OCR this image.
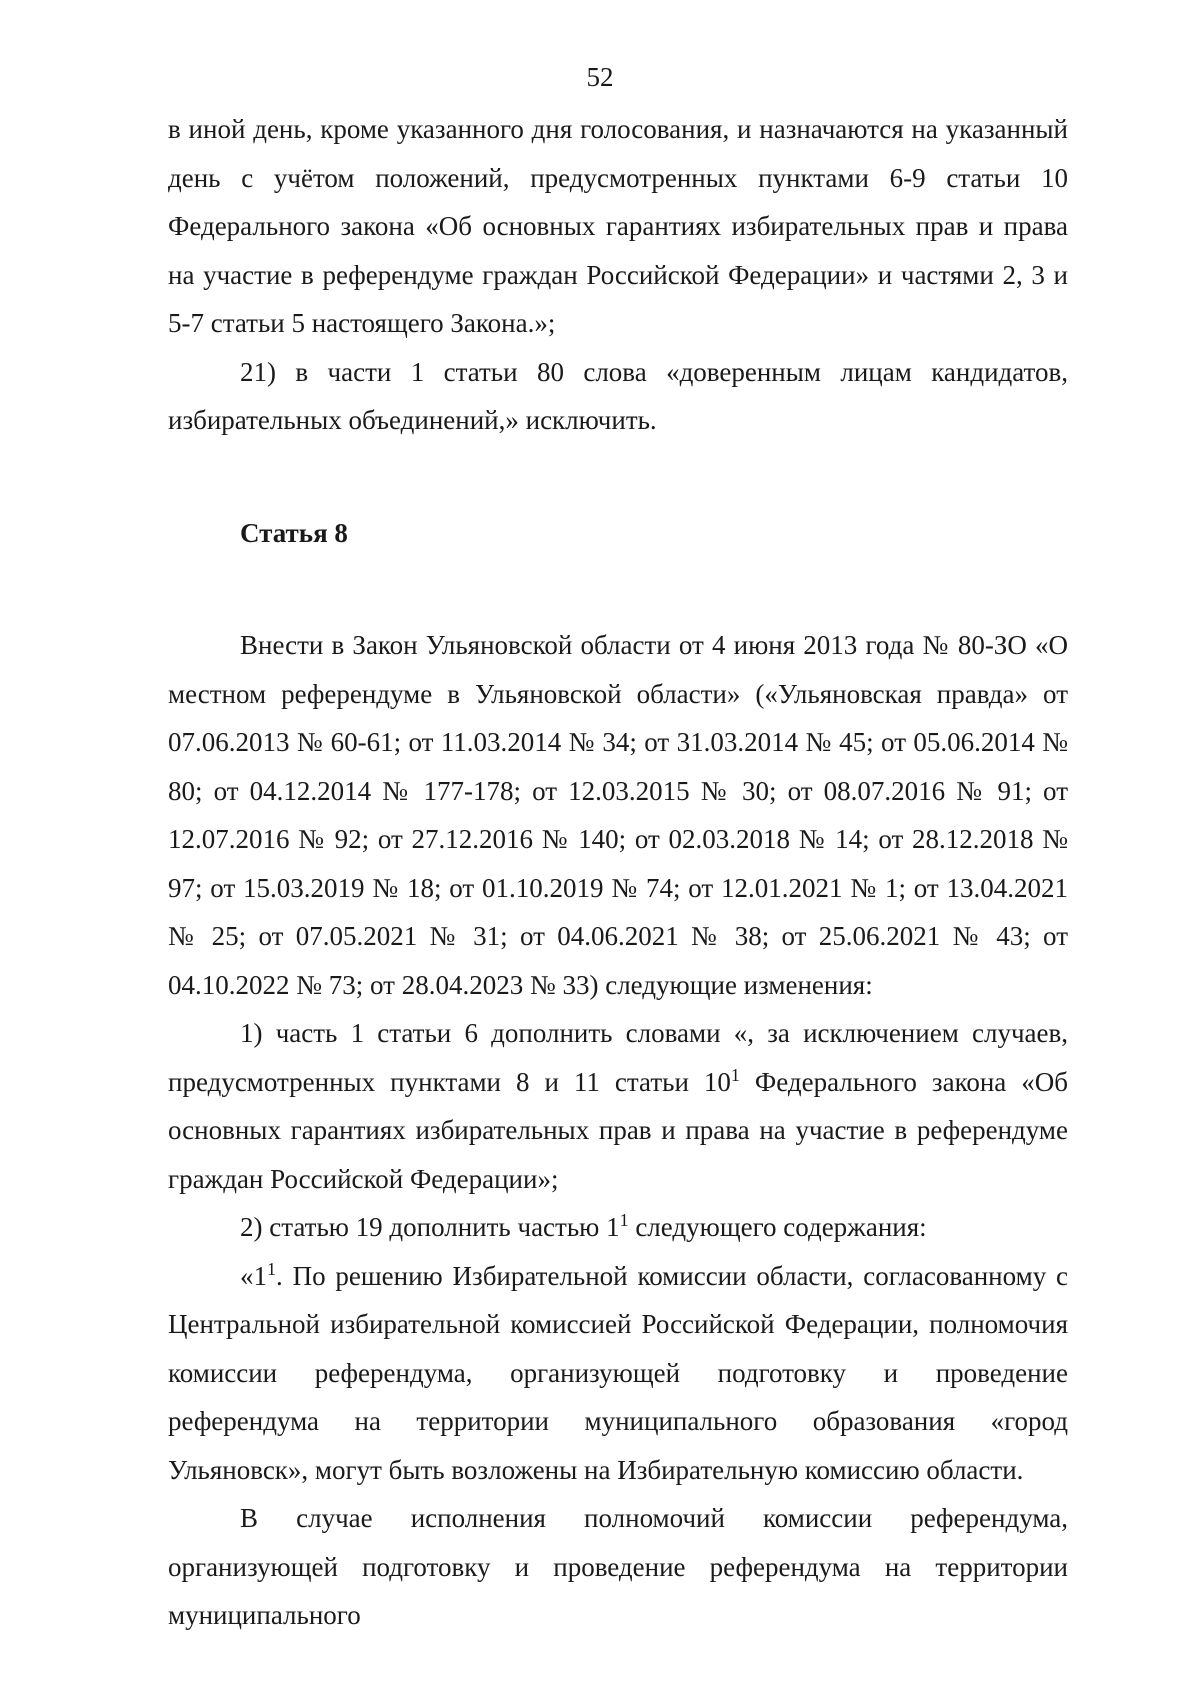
52

в иной день, кроме указанного дня голосования, и назначаются на указанный день с учётом положений, предусмотренных пунктами 6-9 статьи 10 Федерального закона «Об основных гарантиях избирательных прав и права на участие в референдуме граждан Российской Федерации» и частями 2, 3 и 5-7 статьи 5 настоящего Закона.»;

21) в части 1 статьи 80 слова «доверенным лицам кандидатов, избирательных объединений,» исключить.

Статья 8

Внести в Закон Ульяновской области от 4 июня 2013 года № 80-ЗО «О местном референдуме в Ульяновской области» («Ульяновская правда» от 07.06.2013 № 60-61; от 11.03.2014 № 34; от 31.03.2014 № 45; от 05.06.2014 № 80; от 04.12.2014 № 177-178; от 12.03.2015 № 30; от 08.07.2016 № 91; от 12.07.2016 № 92; от 27.12.2016 № 140; от 02.03.2018 № 14; от 28.12.2018 № 97; от 15.03.2019 № 18; от 01.10.2019 № 74; от 12.01.2021 № 1; от 13.04.2021 № 25; от 07.05.2021 № 31; от 04.06.2021 № 38; от 25.06.2021 № 43; от 04.10.2022 № 73; от 28.04.2023 № 33) следующие изменения:

1) часть 1 статьи 6 дополнить словами «, за исключением случаев, предусмотренных пунктами 8 и 11 статьи $10^1$ Федерального закона «Об основных гарантиях избирательных прав и права на участие в референдуме граждан Российской Федерации»;

2) статью 19 дополнить частью $1^1$ следующего содержания:

«$1^1$. По решению Избирательной комиссии области, согласованному с Центральной избирательной комиссией Российской Федерации, полномочия комиссии референдума, организующей подготовку и проведение референдума на территории муниципального образования «город Ульяновск», могут быть возложены на Избирательную комиссию области.

В случае исполнения полномочий комиссии референдума, организующей подготовку и проведение референдума на территории муниципального
